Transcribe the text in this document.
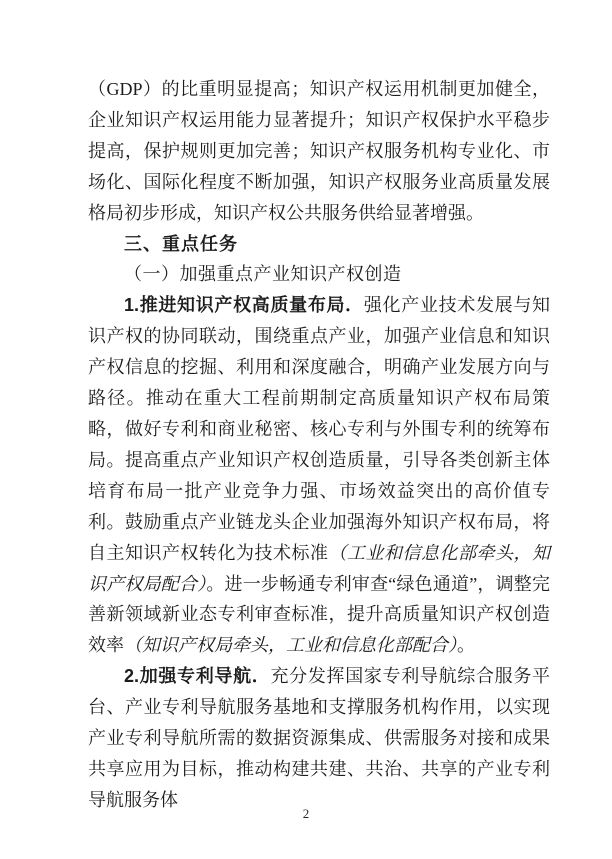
（GDP）的比重明显提高；知识产权运用机制更加健全，企业知识产权运用能力显著提升；知识产权保护水平稳步提高，保护规则更加完善；知识产权服务机构专业化、市场化、国际化程度不断加强，知识产权服务业高质量发展格局初步形成，知识产权公共服务供给显著增强。

三、重点任务

（一）加强重点产业知识产权创造

1.推进知识产权高质量布局．强化产业技术发展与知识产权的协同联动，围绕重点产业，加强产业信息和知识产权信息的挖掘、利用和深度融合，明确产业发展方向与路径。推动在重大工程前期制定高质量知识产权布局策略，做好专利和商业秘密、核心专利与外围专利的统筹布局。提高重点产业知识产权创造质量，引导各类创新主体培育布局一批产业竞争力强、市场效益突出的高价值专利。鼓励重点产业链龙头企业加强海外知识产权布局，将自主知识产权转化为技术标准（工业和信息化部牵头，知识产权局配合）。进一步畅通专利审查“绿色通道”，调整完善新领域新业态专利审查标准，提升高质量知识产权创造效率（知识产权局牵头，工业和信息化部配合）。

2.加强专利导航．充分发挥国家专利导航综合服务平台、产业专利导航服务基地和支撑服务机构作用，以实现产业专利导航所需的数据资源集成、供需服务对接和成果共享应用为目标，推动构建共建、共治、共享的产业专利导航服务体

2
